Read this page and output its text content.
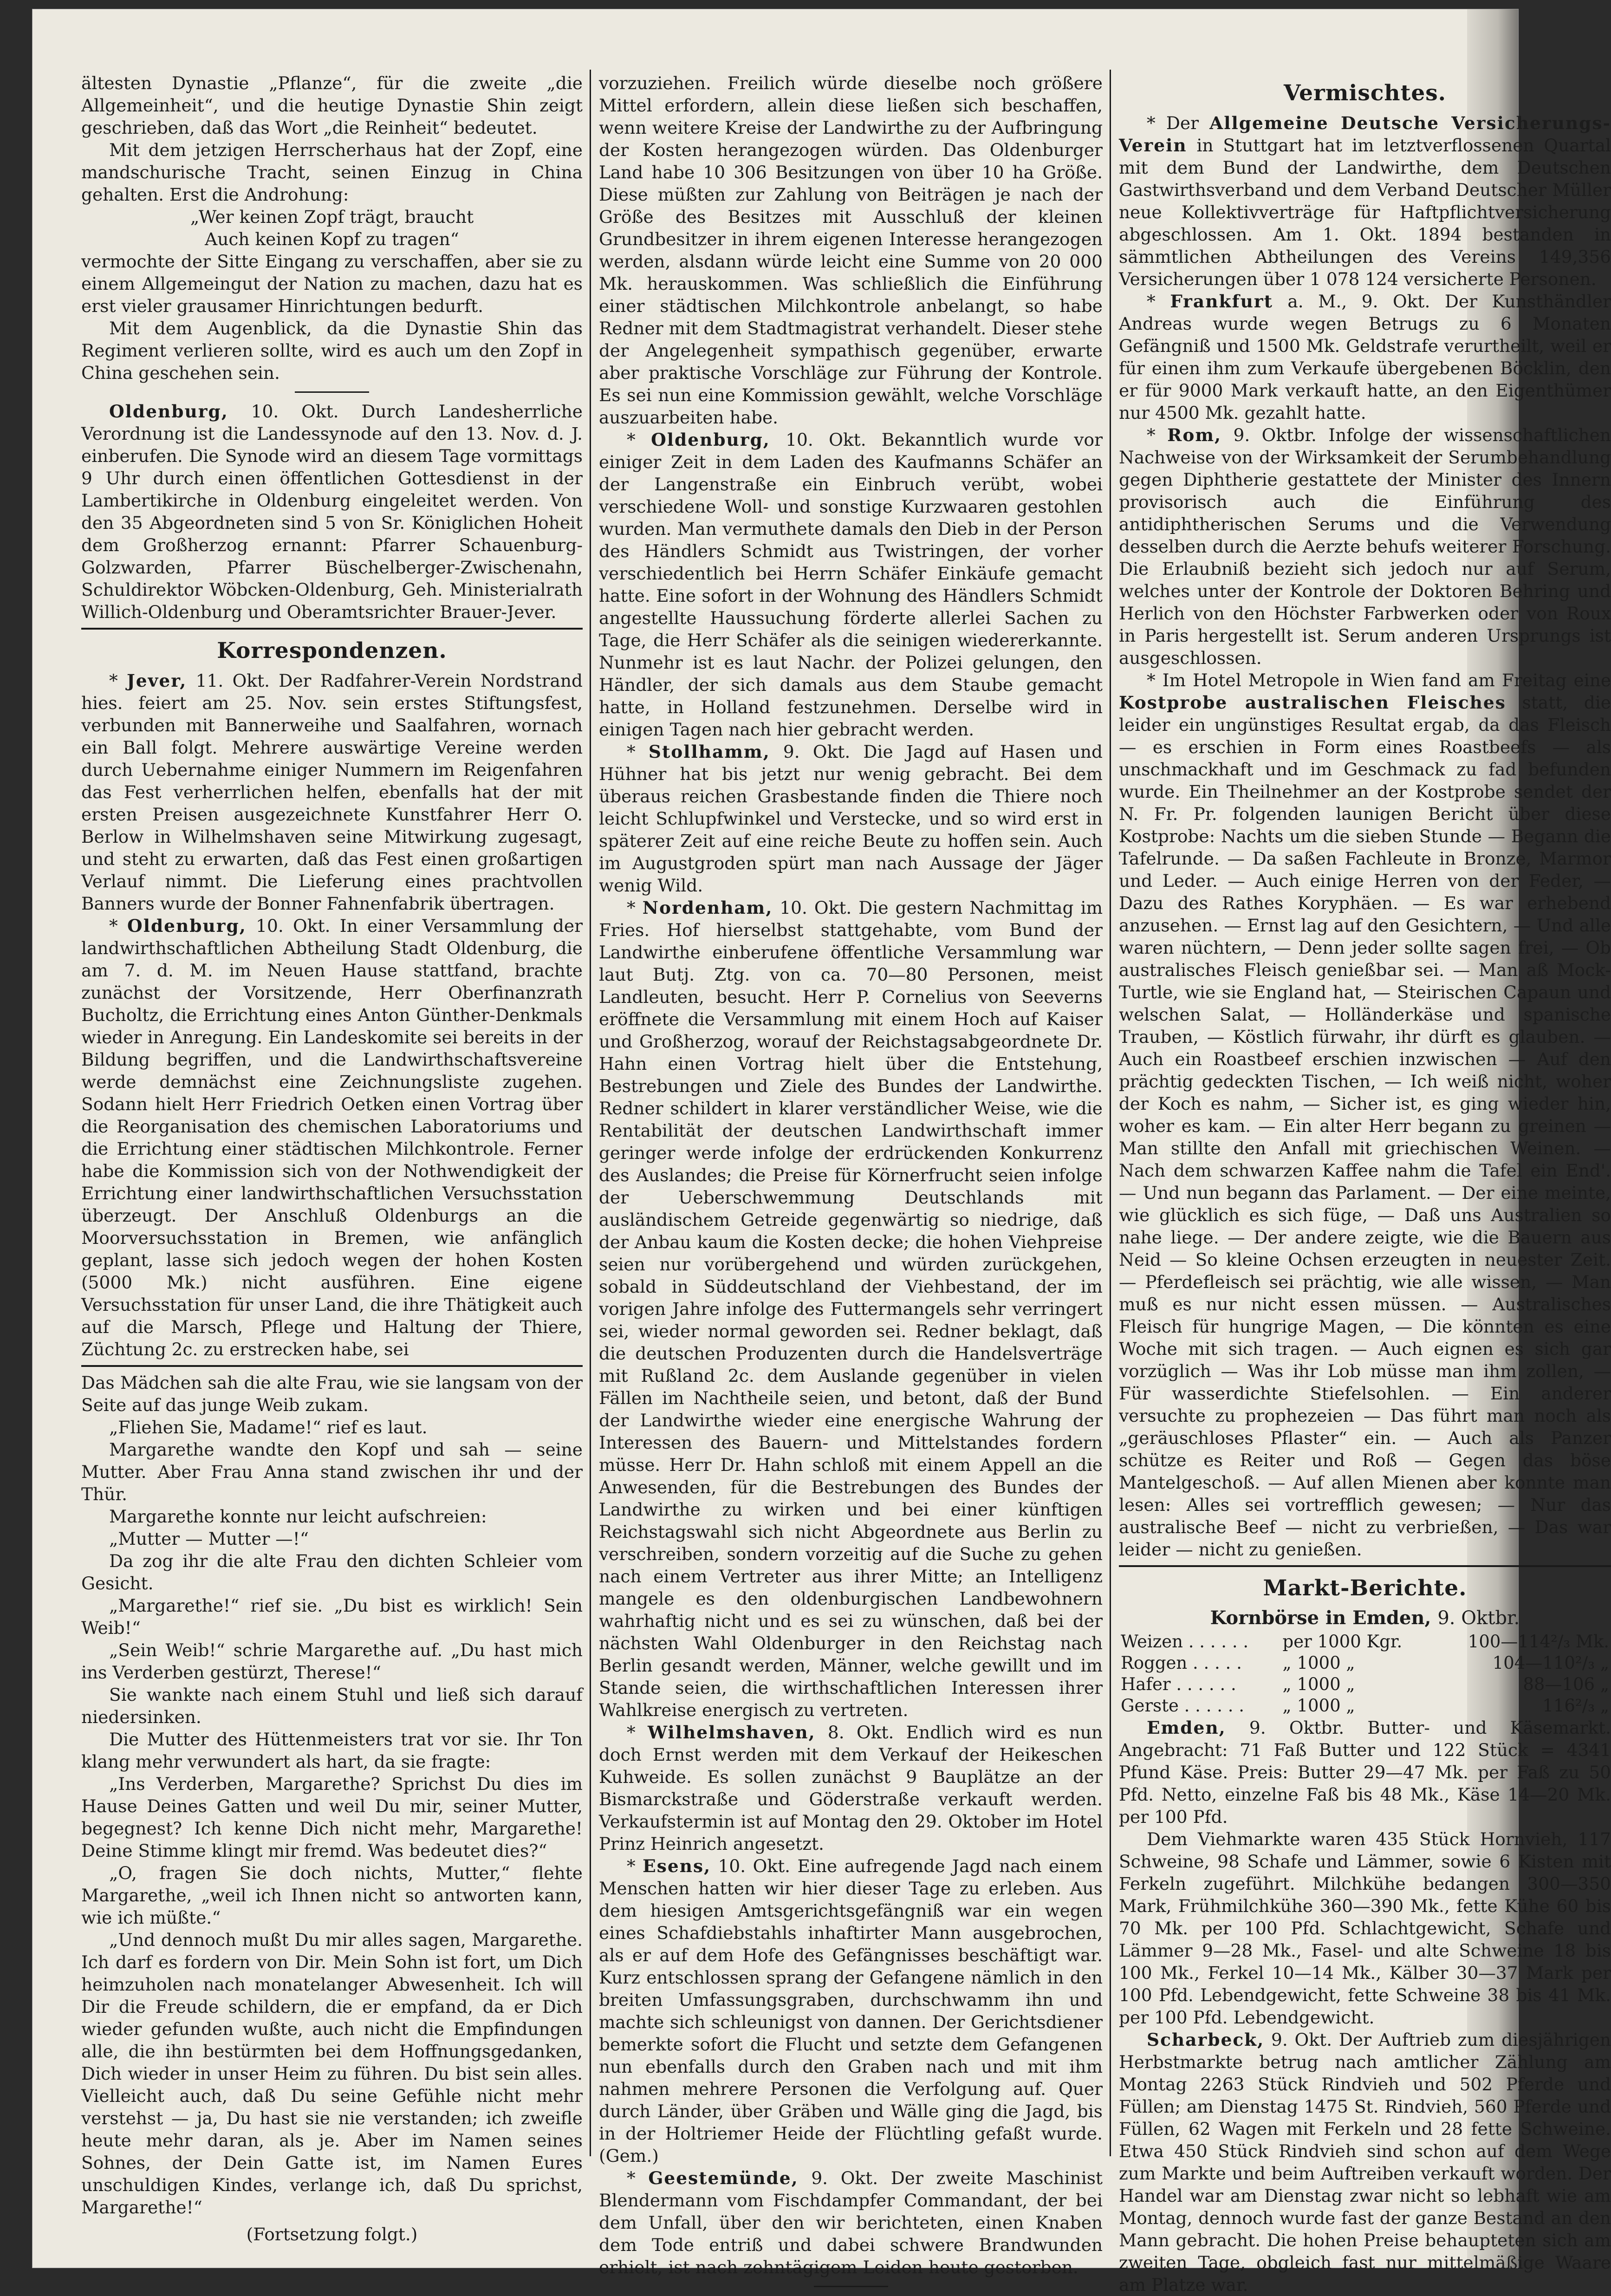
ältesten Dynastie „Pflanze“, für die zweite „die Allgemeinheit“, und die heutige Dynastie Shin zeigt geschrieben, daß das Wort „die Reinheit“ bedeutet.

Mit dem jetzigen Herrscherhaus hat der Zopf, eine mandschurische Tracht, seinen Einzug in China gehalten. Erst die Androhung:

„Wer keinen Zopf trägt, braucht

Auch keinen Kopf zu tragen“

vermochte der Sitte Eingang zu verschaffen, aber sie zu einem Allgemeingut der Nation zu machen, dazu hat es erst vieler grausamer Hinrichtungen bedurft.

Mit dem Augenblick, da die Dynastie Shin das Regiment verlieren sollte, wird es auch um den Zopf in China geschehen sein.

Oldenburg, 10. Okt. Durch Landesherrliche Verordnung ist die Landessynode auf den 13. Nov. d. J. einberufen. Die Synode wird an diesem Tage vormittags 9 Uhr durch einen öffentlichen Gottesdienst in der Lambertikirche in Oldenburg eingeleitet werden. Von den 35 Abgeordneten sind 5 von Sr. Königlichen Hoheit dem Großherzog ernannt: Pfarrer Schauenburg-Golzwarden, Pfarrer Büschelberger-Zwischenahn, Schuldirektor Wöbcken-Oldenburg, Geh. Ministerialrath Willich-Oldenburg und Oberamtsrichter Brauer-Jever.

Korrespondenzen.

* Jever, 11. Okt. Der Radfahrer-Verein Nordstrand hies. feiert am 25. Nov. sein erstes Stiftungsfest, verbunden mit Bannerweihe und Saalfahren, wornach ein Ball folgt. Mehrere auswärtige Vereine werden durch Uebernahme einiger Nummern im Reigenfahren das Fest verherrlichen helfen, ebenfalls hat der mit ersten Preisen ausgezeichnete Kunstfahrer Herr O. Berlow in Wilhelmshaven seine Mitwirkung zugesagt, und steht zu erwarten, daß das Fest einen großartigen Verlauf nimmt. Die Lieferung eines prachtvollen Banners wurde der Bonner Fahnenfabrik übertragen.

* Oldenburg, 10. Okt. In einer Versammlung der landwirthschaftlichen Abtheilung Stadt Oldenburg, die am 7. d. M. im Neuen Hause stattfand, brachte zunächst der Vorsitzende, Herr Oberfinanzrath Bucholtz, die Errichtung eines Anton Günther-Denkmals wieder in Anregung. Ein Landeskomite sei bereits in der Bildung begriffen, und die Landwirthschaftsvereine werde demnächst eine Zeichnungsliste zugehen. Sodann hielt Herr Friedrich Oetken einen Vortrag über die Reorganisation des chemischen Laboratoriums und die Errichtung einer städtischen Milchkontrole. Ferner habe die Kommission sich von der Nothwendigkeit der Errichtung einer landwirthschaftlichen Versuchsstation überzeugt. Der Anschluß Oldenburgs an die Moorversuchsstation in Bremen, wie anfänglich geplant, lasse sich jedoch wegen der hohen Kosten (5000 Mk.) nicht ausführen. Eine eigene Versuchsstation für unser Land, die ihre Thätigkeit auch auf die Marsch, Pflege und Haltung der Thiere, Züchtung 2c. zu erstrecken habe, sei

Das Mädchen sah die alte Frau, wie sie langsam von der Seite auf das junge Weib zukam.

„Fliehen Sie, Madame!“ rief es laut.

Margarethe wandte den Kopf und sah — seine Mutter. Aber Frau Anna stand zwischen ihr und der Thür.

Margarethe konnte nur leicht aufschreien:

„Mutter — Mutter —!“

Da zog ihr die alte Frau den dichten Schleier vom Gesicht.

„Margarethe!“ rief sie. „Du bist es wirklich! Sein Weib!“

„Sein Weib!“ schrie Margarethe auf. „Du hast mich ins Verderben gestürzt, Therese!“

Sie wankte nach einem Stuhl und ließ sich darauf niedersinken.

Die Mutter des Hüttenmeisters trat vor sie. Ihr Ton klang mehr verwundert als hart, da sie fragte:

„Ins Verderben, Margarethe? Sprichst Du dies im Hause Deines Gatten und weil Du mir, seiner Mutter, begegnest? Ich kenne Dich nicht mehr, Margarethe! Deine Stimme klingt mir fremd. Was bedeutet dies?“

„O, fragen Sie doch nichts, Mutter,“ flehte Margarethe, „weil ich Ihnen nicht so antworten kann, wie ich müßte.“

„Und dennoch mußt Du mir alles sagen, Margarethe. Ich darf es fordern von Dir. Mein Sohn ist fort, um Dich heimzuholen nach monatelanger Abwesenheit. Ich will Dir die Freude schildern, die er empfand, da er Dich wieder gefunden wußte, auch nicht die Empfindungen alle, die ihn bestürmten bei dem Hoffnungsgedanken, Dich wieder in unser Heim zu führen. Du bist sein alles. Vielleicht auch, daß Du seine Gefühle nicht mehr verstehst — ja, Du hast sie nie verstanden; ich zweifle heute mehr daran, als je. Aber im Namen seines Sohnes, der Dein Gatte ist, im Namen Eures unschuldigen Kindes, verlange ich, daß Du sprichst, Margarethe!“

(Fortsetzung folgt.)

vorzuziehen. Freilich würde dieselbe noch größere Mittel erfordern, allein diese ließen sich beschaffen, wenn weitere Kreise der Landwirthe zu der Aufbringung der Kosten herangezogen würden. Das Oldenburger Land habe 10 306 Besitzungen von über 10 ha Größe. Diese müßten zur Zahlung von Beiträgen je nach der Größe des Besitzes mit Ausschluß der kleinen Grundbesitzer in ihrem eigenen Interesse herangezogen werden, alsdann würde leicht eine Summe von 20 000 Mk. herauskommen. Was schließlich die Einführung einer städtischen Milchkontrole anbelangt, so habe Redner mit dem Stadtmagistrat verhandelt. Dieser stehe der Angelegenheit sympathisch gegenüber, erwarte aber praktische Vorschläge zur Führung der Kontrole. Es sei nun eine Kommission gewählt, welche Vorschläge auszuarbeiten habe.

* Oldenburg, 10. Okt. Bekanntlich wurde vor einiger Zeit in dem Laden des Kaufmanns Schäfer an der Langenstraße ein Einbruch verübt, wobei verschiedene Woll- und sonstige Kurzwaaren gestohlen wurden. Man vermuthete damals den Dieb in der Person des Händlers Schmidt aus Twistringen, der vorher verschiedentlich bei Herrn Schäfer Einkäufe gemacht hatte. Eine sofort in der Wohnung des Händlers Schmidt angestellte Haussuchung förderte allerlei Sachen zu Tage, die Herr Schäfer als die seinigen wiedererkannte. Nunmehr ist es laut Nachr. der Polizei gelungen, den Händler, der sich damals aus dem Staube gemacht hatte, in Holland festzunehmen. Derselbe wird in einigen Tagen nach hier gebracht werden.

* Stollhamm, 9. Okt. Die Jagd auf Hasen und Hühner hat bis jetzt nur wenig gebracht. Bei dem überaus reichen Grasbestande finden die Thiere noch leicht Schlupfwinkel und Verstecke, und so wird erst in späterer Zeit auf eine reiche Beute zu hoffen sein. Auch im Augustgroden spürt man nach Aussage der Jäger wenig Wild.

* Nordenham, 10. Okt. Die gestern Nachmittag im Fries. Hof hierselbst stattgehabte, vom Bund der Landwirthe einberufene öffentliche Versammlung war laut Butj. Ztg. von ca. 70—80 Personen, meist Landleuten, besucht. Herr P. Cornelius von Seeverns eröffnete die Versammlung mit einem Hoch auf Kaiser und Großherzog, worauf der Reichstagsabgeordnete Dr. Hahn einen Vortrag hielt über die Entstehung, Bestrebungen und Ziele des Bundes der Landwirthe. Redner schildert in klarer verständlicher Weise, wie die Rentabilität der deutschen Landwirthschaft immer geringer werde infolge der erdrückenden Konkurrenz des Auslandes; die Preise für Körnerfrucht seien infolge der Ueberschwemmung Deutschlands mit ausländischem Getreide gegenwärtig so niedrige, daß der Anbau kaum die Kosten decke; die hohen Viehpreise seien nur vorübergehend und würden zurückgehen, sobald in Süddeutschland der Viehbestand, der im vorigen Jahre infolge des Futtermangels sehr verringert sei, wieder normal geworden sei. Redner beklagt, daß die deutschen Produzenten durch die Handelsverträge mit Rußland 2c. dem Auslande gegenüber in vielen Fällen im Nachtheile seien, und betont, daß der Bund der Landwirthe wieder eine energische Wahrung der Interessen des Bauern- und Mittelstandes fordern müsse. Herr Dr. Hahn schloß mit einem Appell an die Anwesenden, für die Bestrebungen des Bundes der Landwirthe zu wirken und bei einer künftigen Reichstagswahl sich nicht Abgeordnete aus Berlin zu verschreiben, sondern vorzeitig auf die Suche zu gehen nach einem Vertreter aus ihrer Mitte; an Intelligenz mangele es den oldenburgischen Landbewohnern wahrhaftig nicht und es sei zu wünschen, daß bei der nächsten Wahl Oldenburger in den Reichstag nach Berlin gesandt werden, Männer, welche gewillt und im Stande seien, die wirthschaftlichen Interessen ihrer Wahlkreise energisch zu vertreten.

* Wilhelmshaven, 8. Okt. Endlich wird es nun doch Ernst werden mit dem Verkauf der Heikeschen Kuhweide. Es sollen zunächst 9 Bauplätze an der Bismarckstraße und Göderstraße verkauft werden. Verkaufstermin ist auf Montag den 29. Oktober im Hotel Prinz Heinrich angesetzt.

* Esens, 10. Okt. Eine aufregende Jagd nach einem Menschen hatten wir hier dieser Tage zu erleben. Aus dem hiesigen Amtsgerichtsgefängniß war ein wegen eines Schafdiebstahls inhaftirter Mann ausgebrochen, als er auf dem Hofe des Gefängnisses beschäftigt war. Kurz entschlossen sprang der Gefangene nämlich in den breiten Umfassungsgraben, durchschwamm ihn und machte sich schleunigst von dannen. Der Gerichtsdiener bemerkte sofort die Flucht und setzte dem Gefangenen nun ebenfalls durch den Graben nach und mit ihm nahmen mehrere Personen die Verfolgung auf. Quer durch Länder, über Gräben und Wälle ging die Jagd, bis in der Holtriemer Heide der Flüchtling gefaßt wurde. (Gem.)

* Geestemünde, 9. Okt. Der zweite Maschinist Blendermann vom Fischdampfer Commandant, der bei dem Unfall, über den wir berichteten, einen Knaben dem Tode entriß und dabei schwere Brandwunden erhielt, ist nach zehntägigem Leiden heute gestorben.

Vermischtes.

* Der Allgemeine Deutsche Versicherungs-Verein in Stuttgart hat im letztverflossenen Quartal mit dem Bund der Landwirthe, dem Deutschen Gastwirthsverband und dem Verband Deutscher Müller neue Kollektivverträge für Haftpflichtversicherung abgeschlossen. Am 1. Okt. 1894 bestanden in sämmtlichen Abtheilungen des Vereins 149,356 Versicherungen über 1 078 124 versicherte Personen.

* Frankfurt a. M., 9. Okt. Der Kunsthändler Andreas wurde wegen Betrugs zu 6 Monaten Gefängniß und 1500 Mk. Geldstrafe verurtheilt, weil er für einen ihm zum Verkaufe übergebenen Böcklin, den er für 9000 Mark verkauft hatte, an den Eigenthümer nur 4500 Mk. gezahlt hatte.

* Rom, 9. Oktbr. Infolge der wissenschaftlichen Nachweise von der Wirksamkeit der Serumbehandlung gegen Diphtherie gestattete der Minister des Innern provisorisch auch die Einführung des antidiphtherischen Serums und die Verwendung desselben durch die Aerzte behufs weiterer Forschung. Die Erlaubniß bezieht sich jedoch nur auf Serum, welches unter der Kontrole der Doktoren Behring und Herlich von den Höchster Farbwerken oder von Roux in Paris hergestellt ist. Serum anderen Ursprungs ist ausgeschlossen.

* Im Hotel Metropole in Wien fand am Freitag eine Kostprobe australischen Fleisches statt, die leider ein ungünstiges Resultat ergab, da das Fleisch — es erschien in Form eines Roastbeefs — als unschmackhaft und im Geschmack zu fad befunden wurde. Ein Theilnehmer an der Kostprobe sendet der N. Fr. Pr. folgenden launigen Bericht über diese Kostprobe: Nachts um die sieben Stunde — Begann die Tafelrunde. — Da saßen Fachleute in Bronze, Marmor und Leder. — Auch einige Herren von der Feder, — Dazu des Rathes Koryphäen. — Es war erhebend anzusehen. — Ernst lag auf den Gesichtern, — Und alle waren nüchtern, — Denn jeder sollte sagen frei, — Ob australisches Fleisch genießbar sei. — Man aß Mock-Turtle, wie sie England hat, — Steirischen Capaun und welschen Salat, — Holländerkäse und spanische Trauben, — Köstlich fürwahr, ihr dürft es glauben. — Auch ein Roastbeef erschien inzwischen — Auf den prächtig gedeckten Tischen, — Ich weiß nicht, woher der Koch es nahm, — Sicher ist, es ging wieder hin, woher es kam. — Ein alter Herr begann zu greinen — Man stillte den Anfall mit griechischen Weinen. — Nach dem schwarzen Kaffee nahm die Tafel ein End'. — Und nun begann das Parlament. — Der eine meinte, wie glücklich es sich füge, — Daß uns Australien so nahe liege. — Der andere zeigte, wie die Bauern aus Neid — So kleine Ochsen erzeugten in neuester Zeit. — Pferdefleisch sei prächtig, wie alle wissen, — Man muß es nur nicht essen müssen. — Australisches Fleisch für hungrige Magen, — Die könnten es eine Woche mit sich tragen. — Auch eignen es sich gar vorzüglich — Was ihr Lob müsse man ihm zollen, — Für wasserdichte Stiefelsohlen. — Ein anderer versuchte zu prophezeien — Das führt man noch als „geräuschloses Pflaster“ ein. — Auch als Panzer schütze es Reiter und Roß — Gegen das böse Mantelgeschoß. — Auf allen Mienen aber konnte man lesen: Alles sei vortrefflich gewesen; — Nur das australische Beef — nicht zu verbrießen, — Das war leider — nicht zu genießen.

Markt-Berichte.
Kornbörse in Emden, 9. Oktbr.
Weizen . . . . . .	per 1000 Kgr.	100—114²/₃ Mk.
Roggen . . . . .	„ 1000 „	104—110²/₃ „
Hafer . . . . . .	„ 1000 „	88—106 „
Gerste . . . . . .	„ 1000 „	116²/₃ „

Emden, 9. Oktbr. Butter- und Käsemarkt. Angebracht: 71 Faß Butter und 122 Stück = 4341 Pfund Käse. Preis: Butter 29—47 Mk. per Faß zu 50 Pfd. Netto, einzelne Faß bis 48 Mk., Käse 14—20 Mk. per 100 Pfd.

Dem Viehmarkte waren 435 Stück Hornvieh, 117 Schweine, 98 Schafe und Lämmer, sowie 6 Kisten mit Ferkeln zugeführt. Milchkühe bedangen 300—350 Mark, Frühmilchkühe 360—390 Mk., fette Kühe 60 bis 70 Mk. per 100 Pfd. Schlachtgewicht, Schafe und Lämmer 9—28 Mk., Fasel- und alte Schweine 18 bis 100 Mk., Ferkel 10—14 Mk., Kälber 30—37 Mark per 100 Pfd. Lebendgewicht, fette Schweine 38 bis 41 Mk. per 100 Pfd. Lebendgewicht.

Scharbeck, 9. Okt. Der Auftrieb zum diesjährigen Herbstmarkte betrug nach amtlicher Zählung am Montag 2263 Stück Rindvieh und 502 Pferde und Füllen; am Dienstag 1475 St. Rindvieh, 560 Pferde und Füllen, 62 Wagen mit Ferkeln und 28 fette Schweine. Etwa 450 Stück Rindvieh sind schon auf dem Wege zum Markte und beim Auftreiben verkauft worden. Der Handel war am Dienstag zwar nicht so lebhaft wie am Montag, dennoch wurde fast der ganze Bestand an den Mann gebracht. Die hohen Preise behaupteten sich am zweiten Tage, obgleich fast nur mittelmäßige Waare am Platze war.
